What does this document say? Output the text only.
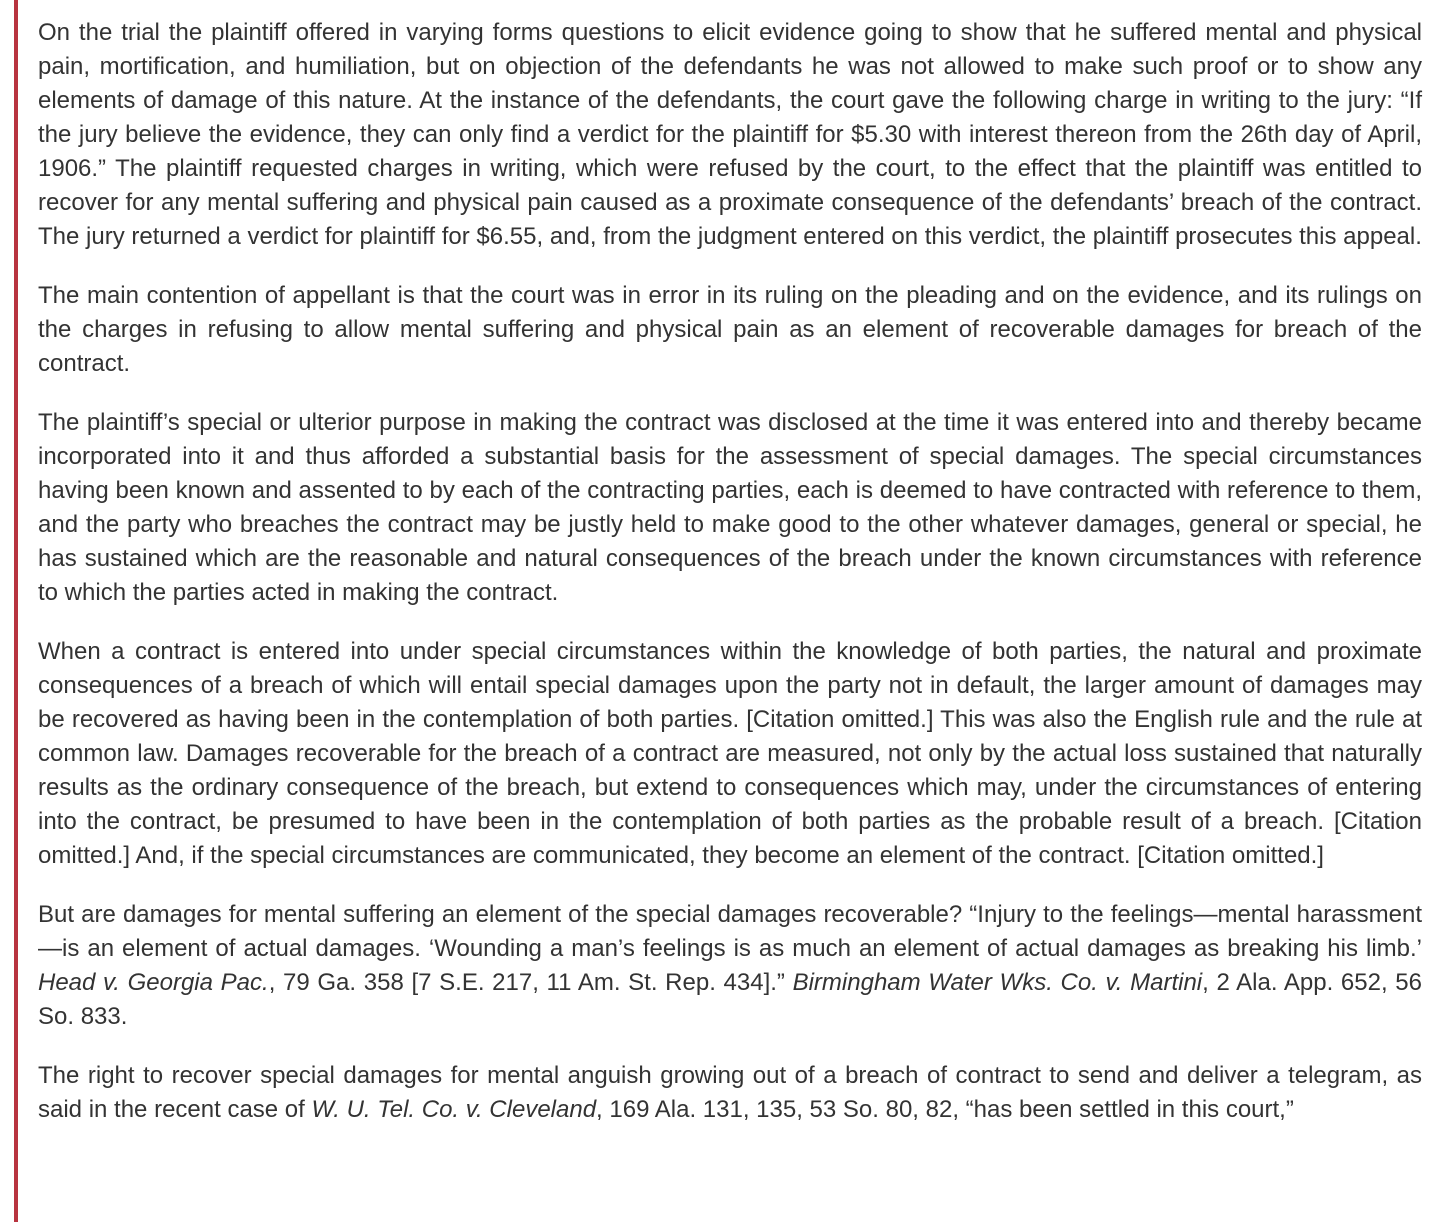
On the trial the plaintiff offered in varying forms questions to elicit evidence going to show that he suffered mental and physical pain, mortification, and humiliation, but on objection of the defendants he was not allowed to make such proof or to show any elements of damage of this nature. At the instance of the defendants, the court gave the following charge in writing to the jury: “If the jury believe the evidence, they can only find a verdict for the plaintiff for $5.30 with interest thereon from the 26th day of April, 1906.” The plaintiff requested charges in writing, which were refused by the court, to the effect that the plaintiff was entitled to recover for any mental suffering and physical pain caused as a proximate consequence of the defendants’ breach of the contract. The jury returned a verdict for plaintiff for $6.55, and, from the judgment entered on this verdict, the plaintiff prosecutes this appeal.

The main contention of appellant is that the court was in error in its ruling on the pleading and on the evidence, and its rulings on the charges in refusing to allow mental suffering and physical pain as an element of recoverable damages for breach of the contract.

The plaintiff’s special or ulterior purpose in making the contract was disclosed at the time it was entered into and thereby became incorporated into it and thus afforded a substantial basis for the assessment of special damages. The special circumstances having been known and assented to by each of the contracting parties, each is deemed to have contracted with reference to them, and the party who breaches the contract may be justly held to make good to the other whatever damages, general or special, he has sustained which are the reasonable and natural consequences of the breach under the known circumstances with reference to which the parties acted in making the contract.

When a contract is entered into under special circumstances within the knowledge of both parties, the natural and proximate consequences of a breach of which will entail special damages upon the party not in default, the larger amount of damages may be recovered as having been in the contemplation of both parties. [Citation omitted.] This was also the English rule and the rule at common law. Damages recoverable for the breach of a contract are measured, not only by the actual loss sustained that naturally results as the ordinary consequence of the breach, but extend to consequences which may, under the circumstances of entering into the contract, be presumed to have been in the contemplation of both parties as the probable result of a breach. [Citation omitted.] And, if the special circumstances are communicated, they become an element of the contract. [Citation omitted.]

But are damages for mental suffering an element of the special damages recoverable? “Injury to the feelings—mental harassment—is an element of actual damages. ‘Wounding a man’s feelings is as much an element of actual damages as breaking his limb.’ Head v. Georgia Pac., 79 Ga. 358 [7 S.E. 217, 11 Am. St. Rep. 434].” Birmingham Water Wks. Co. v. Martini, 2 Ala. App. 652, 56 So. 833.

The right to recover special damages for mental anguish growing out of a breach of contract to send and deliver a telegram, as said in the recent case of W. U. Tel. Co. v. Cleveland, 169 Ala. 131, 135, 53 So. 80, 82, “has been settled in this court,”
